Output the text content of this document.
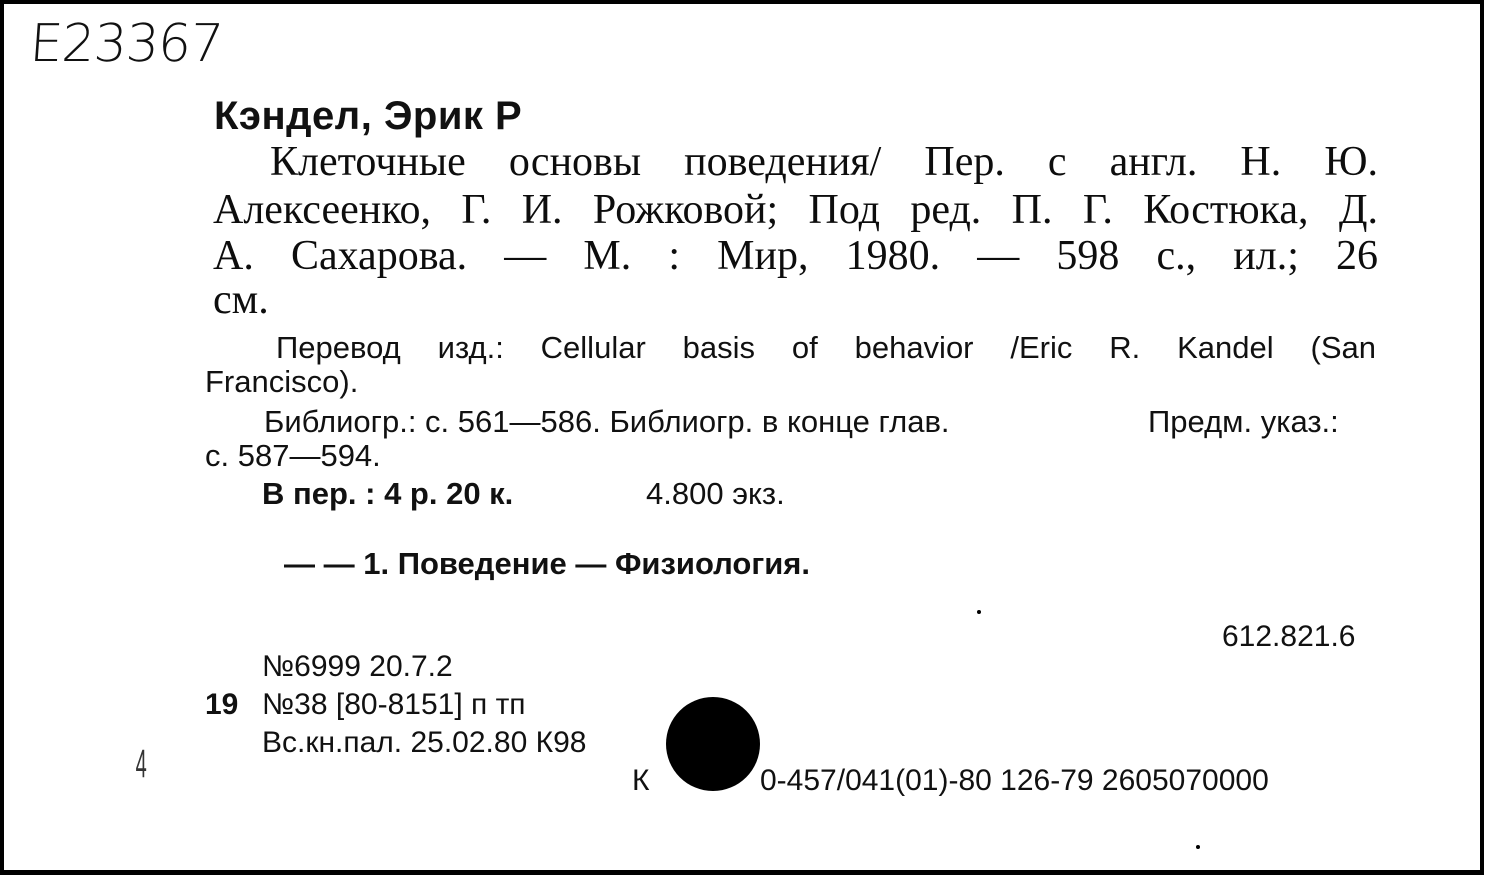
E23367
Кэндел, Эрик Р
Клеточные основы поведения/ Пер. с англ. Н. Ю.
Алексеенко, Г. И. Рожковой; Под ред. П. Г. Костюка, Д.
А. Сахарова. — М. : Мир, 1980. — 598 с., ил.; 26
см.
Перевод изд.: Cellular basis of behavior /Eric R. Kandel (San
Francisco).
Библиогр.: с. 561—586. Библиогр. в конце глав.	Предм. указ.:
с. 587—594.
В пер. : 4 р. 20 к.	4.800 экз.
— — 1. Поведение — Физиология.
612.821.6
№6999 20.7.2
19 №38 [80-8151] п тп
Вс.кн.пал. 25.02.80 К98
К	0-457/041(01)-80 126-79 2605070000
4
